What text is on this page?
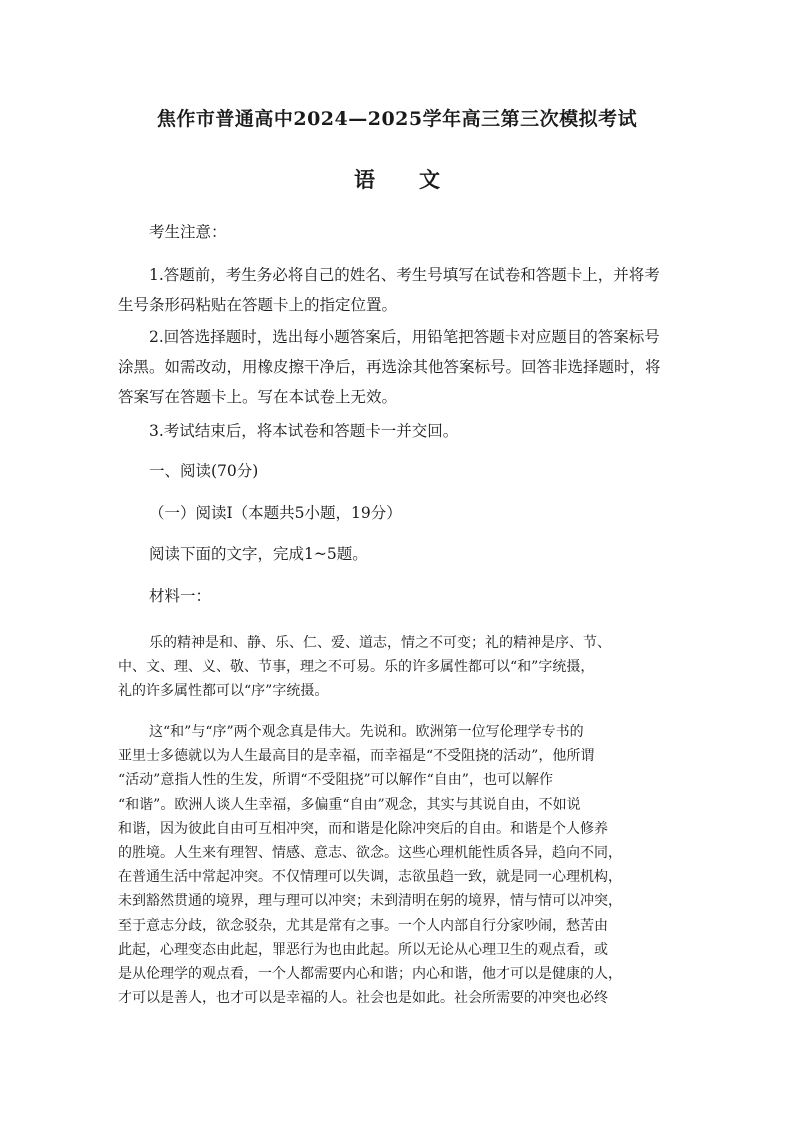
焦作市普通高中2024—2025学年高三第三次模拟考试
语 文
考生注意：
1.答题前，考生务必将自己的姓名、考生号填写在试卷和答题卡上，并将考
生号条形码粘贴在答题卡上的指定位置。
2.回答选择题时，选出每小题答案后，用铅笔把答题卡对应题目的答案标号
涂黑。如需改动，用橡皮擦干净后，再选涂其他答案标号。回答非选择题时，将
答案写在答题卡上。写在本试卷上无效。
3.考试结束后，将本试卷和答题卡一并交回。
一、阅读(70分)
（一）阅读Ⅰ（本题共5小题，19分）
阅读下面的文字，完成1~5题。
材料一：
乐的精神是和、静、乐、仁、爱、道志，情之不可变；礼的精神是序、节、
中、文、理、义、敬、节事，理之不可易。乐的许多属性都可以“和”字统摄，
礼的许多属性都可以“序”字统摄。
这“和”与“序”两个观念真是伟大。先说和。欧洲第一位写伦理学专书的
亚里士多德就以为人生最高目的是幸福，而幸福是“不受阻挠的活动”，他所谓
“活动”意指人性的生发，所谓“不受阻挠”可以解作“自由”，也可以解作
“和谐”。欧洲人谈人生幸福，多偏重“自由”观念，其实与其说自由，不如说
和谐，因为彼此自由可互相冲突，而和谐是化除冲突后的自由。和谐是个人修养
的胜境。人生来有理智、情感、意志、欲念。这些心理机能性质各异，趋向不同，
在普通生活中常起冲突。不仅情理可以失调，志欲虽趋一致，就是同一心理机构，
未到豁然贯通的境界，理与理可以冲突；未到清明在躬的境界，情与情可以冲突，
至于意志分歧，欲念驳杂，尤其是常有之事。一个人内部自行分家吵闹，愁苦由
此起，心理变态由此起，罪恶行为也由此起。所以无论从心理卫生的观点看，或
是从伦理学的观点看，一个人都需要内心和谐；内心和谐，他才可以是健康的人，
才可以是善人，也才可以是幸福的人。社会也是如此。社会所需要的冲突也必终
